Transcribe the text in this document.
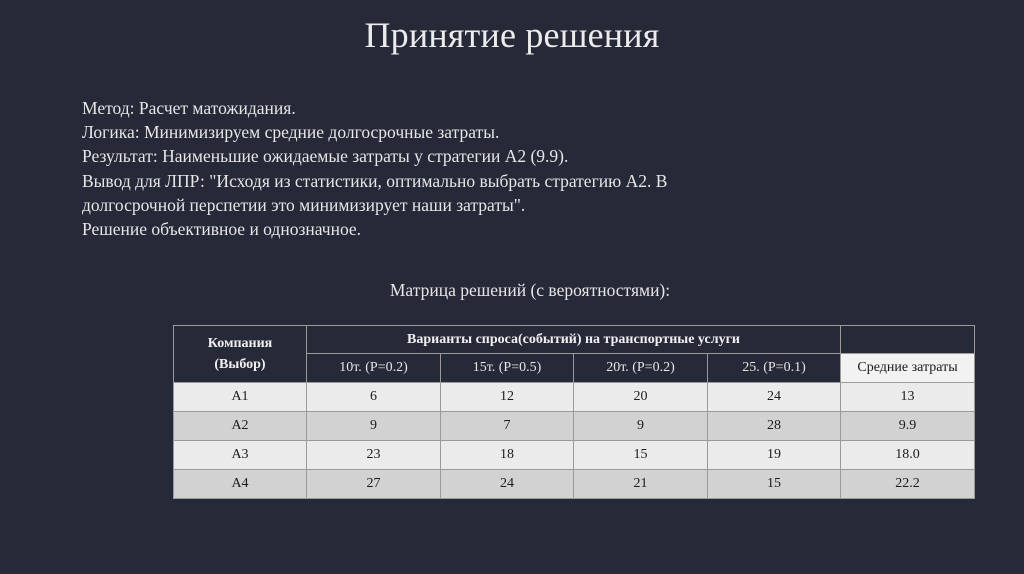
Принятие решения
Метод: Расчет матожидания.
Логика: Минимизируем средние долгосрочные затраты.
Результат: Наименьшие ожидаемые затраты у стратегии А2 (9.9).
Вывод для ЛПР: "Исходя из статистики, оптимально выбрать стратегию А2. В
долгосрочной перспетии это минимизирует наши затраты".
Решение объективное и однозначное.
Матрица решений (с вероятностями):
Компания
(Выбор)	Варианты спроса(событий) на транспортные услуги				
	10т. (P=0.2)	15т. (P=0.5)	20т. (P=0.2)	25. (P=0.1)	Средние затраты
А1	6	12	20	24	13
А2	9	7	9	28	9.9
А3	23	18	15	19	18.0
А4	27	24	21	15	22.2
